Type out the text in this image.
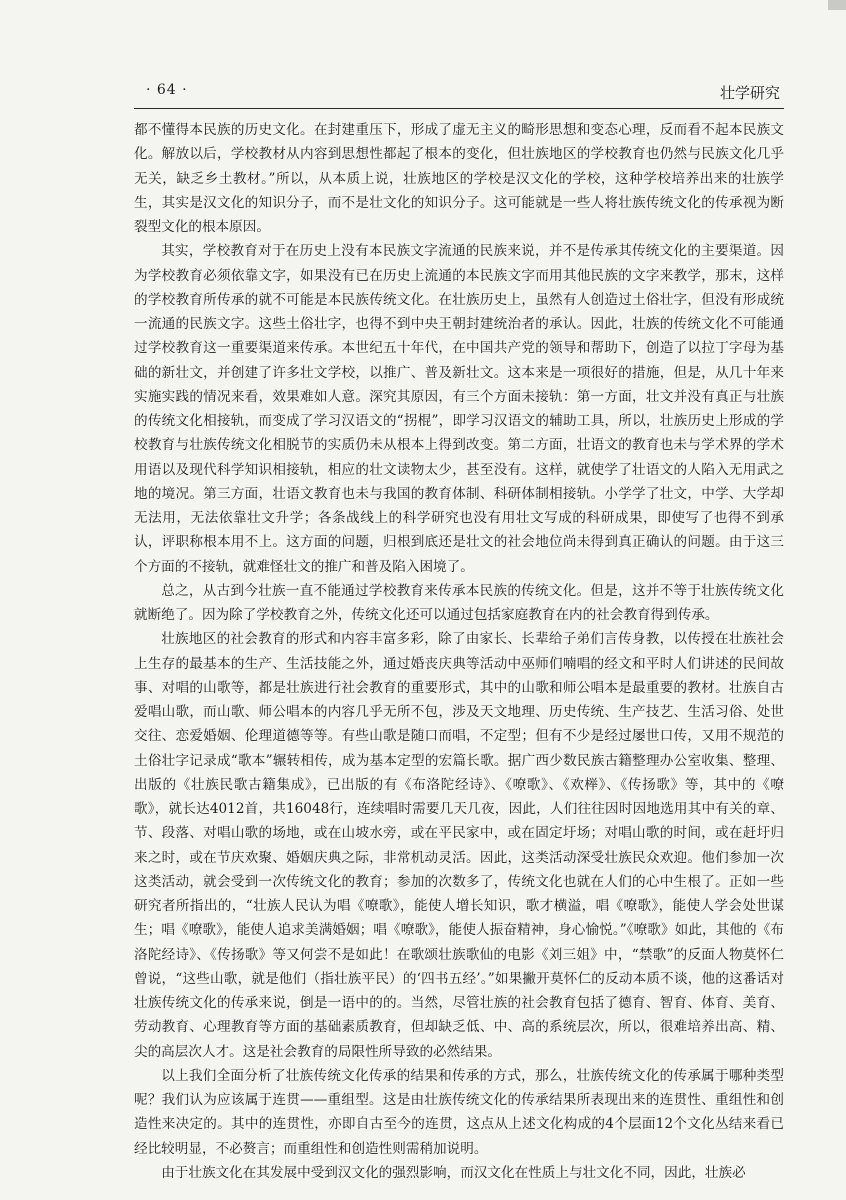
· 64 ·	壮学研究

都不懂得本民族的历史文化。在封建重压下，形成了虚无主义的畸形思想和变态心理，反而看不起本民族文化。解放以后，学校教材从内容到思想性都起了根本的变化，但壮族地区的学校教育也仍然与民族文化几乎无关，缺乏乡土教材。”所以，从本质上说，壮族地区的学校是汉文化的学校，这种学校培养出来的壮族学生，其实是汉文化的知识分子，而不是壮文化的知识分子。这可能就是一些人将壮族传统文化的传承视为断裂型文化的根本原因。

其实，学校教育对于在历史上没有本民族文字流通的民族来说，并不是传承其传统文化的主要渠道。因为学校教育必须依靠文字，如果没有已在历史上流通的本民族文字而用其他民族的文字来教学，那末，这样的学校教育所传承的就不可能是本民族传统文化。在壮族历史上，虽然有人创造过土俗壮字，但没有形成统一流通的民族文字。这些土俗壮字，也得不到中央王朝封建统治者的承认。因此，壮族的传统文化不可能通过学校教育这一重要渠道来传承。本世纪五十年代，在中国共产党的领导和帮助下，创造了以拉丁字母为基础的新壮文，并创建了许多壮文学校，以推广、普及新壮文。这本来是一项很好的措施，但是，从几十年来实施实践的情况来看，效果难如人意。深究其原因，有三个方面未接轨：第一方面，壮文并没有真正与壮族的传统文化相接轨，而变成了学习汉语文的“拐棍”，即学习汉语文的辅助工具，所以，壮族历史上形成的学校教育与壮族传统文化相脱节的实质仍未从根本上得到改变。第二方面，壮语文的教育也未与学术界的学术用语以及现代科学知识相接轨，相应的壮文读物太少，甚至没有。这样，就使学了壮语文的人陷入无用武之地的境况。第三方面，壮语文教育也未与我国的教育体制、科研体制相接轨。小学学了壮文，中学、大学却无法用，无法依靠壮文升学；各条战线上的科学研究也没有用壮文写成的科研成果，即使写了也得不到承认，评职称根本用不上。这方面的问题，归根到底还是壮文的社会地位尚未得到真正确认的问题。由于这三个方面的不接轨，就难怪壮文的推广和普及陷入困境了。

总之，从古到今壮族一直不能通过学校教育来传承本民族的传统文化。但是，这并不等于壮族传统文化就断绝了。因为除了学校教育之外，传统文化还可以通过包括家庭教育在内的社会教育得到传承。

壮族地区的社会教育的形式和内容丰富多彩，除了由家长、长辈给子弟们言传身教，以传授在壮族社会上生存的最基本的生产、生活技能之外，通过婚丧庆典等活动中巫师们喃唱的经文和平时人们讲述的民间故事、对唱的山歌等，都是壮族进行社会教育的重要形式，其中的山歌和师公唱本是最重要的教材。壮族自古爱唱山歌，而山歌、师公唱本的内容几乎无所不包，涉及天文地理、历史传统、生产技艺、生活习俗、处世交往、恋爱婚姻、伦理道德等等。有些山歌是随口而唱，不定型；但有不少是经过屡世口传，又用不规范的土俗壮字记录成“歌本”辗转相传，成为基本定型的宏篇长歌。据广西少数民族古籍整理办公室收集、整理、出版的《壮族民歌古籍集成》，已出版的有《布洛陀经诗》、《嘹歌》、《欢榉》、《传扬歌》等，其中的《嘹歌》，就长达4012首，共16048行，连续唱时需要几天几夜，因此，人们往往因时因地选用其中有关的章、节、段落、对唱山歌的场地，或在山坡水旁，或在平民家中，或在固定圩场；对唱山歌的时间，或在赶圩归来之时，或在节庆欢聚、婚姻庆典之际，非常机动灵活。因此，这类活动深受壮族民众欢迎。他们参加一次这类活动，就会受到一次传统文化的教育；参加的次数多了，传统文化也就在人们的心中生根了。正如一些研究者所指出的，“壮族人民认为唱《嘹歌》，能使人增长知识，歌才横溢，唱《嘹歌》，能使人学会处世谋生；唱《嘹歌》，能使人追求美满婚姻；唱《嘹歌》，能使人振奋精神，身心愉悦。”《嘹歌》如此，其他的《布洛陀经诗》、《传扬歌》等又何尝不是如此！在歌颂壮族歌仙的电影《刘三姐》中，“禁歌”的反面人物莫怀仁曾说，“这些山歌，就是他们（指壮族平民）的‘四书五经’。”如果撇开莫怀仁的反动本质不谈，他的这番话对壮族传统文化的传承来说，倒是一语中的的。当然，尽管壮族的社会教育包括了德育、智育、体育、美育、劳动教育、心理教育等方面的基础素质教育，但却缺乏低、中、高的系统层次，所以，很难培养出高、精、尖的高层次人才。这是社会教育的局限性所导致的必然结果。

以上我们全面分析了壮族传统文化传承的结果和传承的方式，那么，壮族传统文化的传承属于哪种类型呢？我们认为应该属于连贯——重组型。这是由壮族传统文化的传承结果所表现出来的连贯性、重组性和创造性来决定的。其中的连贯性，亦即自古至今的连贯，这点从上述文化构成的4个层面12个文化丛结来看已经比较明显，不必赘言；而重组性和创造性则需稍加说明。

由于壮族文化在其发展中受到汉文化的强烈影响，而汉文化在性质上与壮文化不同，因此，壮族必
